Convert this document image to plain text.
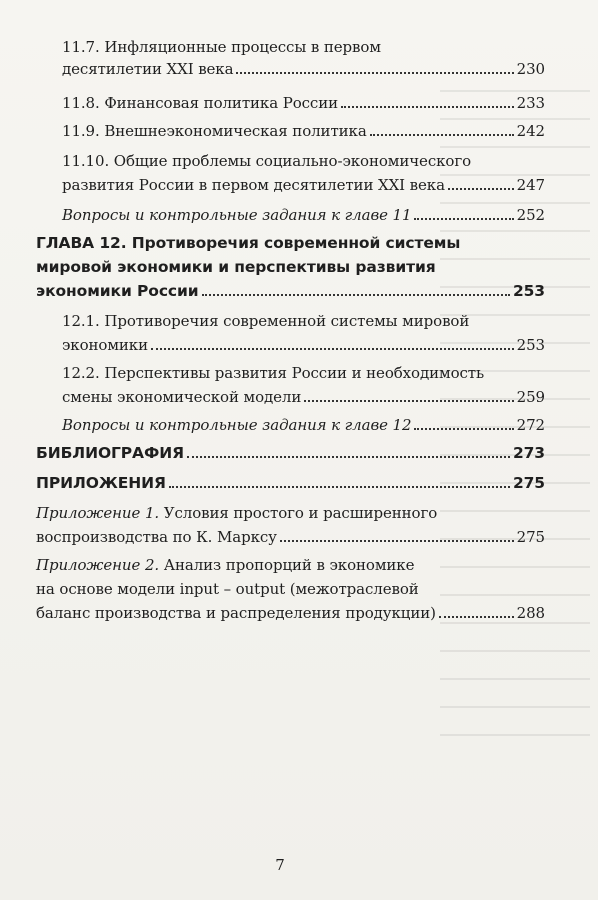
11.7. Инфляционные процессы в первом
десятилетии XXI века	230
11.8. Финансовая политика России	233
11.9. Внешнеэкономическая политика	242
11.10. Общие проблемы социально-экономического
развития России в первом десятилетии XXI века	247
Вопросы и контрольные задания к главе 11	252
ГЛАВА 12. Противоречия современной системы
мировой экономики и перспективы развития
экономики России	253
12.1. Противоречия современной системы мировой
экономики	253
12.2. Перспективы развития России и необходимость
смены экономической модели	259
Вопросы и контрольные задания к главе 12	272
БИБЛИОГРАФИЯ	273
ПРИЛОЖЕНИЯ	275
Приложение 1. Условия простого и расширенного
воспроизводства по К. Марксу	275
Приложение 2. Анализ пропорций в экономике
на основе модели input – output (межотраслевой
баланс производства и распределения продукции)	288
7
